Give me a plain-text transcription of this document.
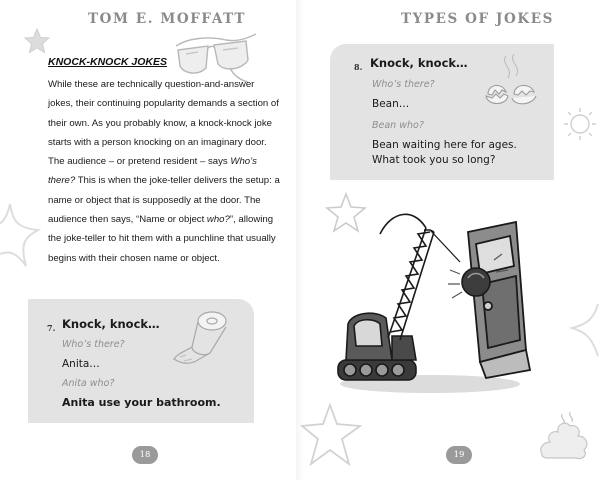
TOM E. MOFFATT
KNOCK-KNOCK JOKES
While these are technically question-and-answer jokes, their continuing popularity demands a section of their own. As you probably know, a knock-knock joke starts with a person knocking on an imaginary door. The audience – or pretend resident – says Who’s there? This is when the joke-teller delivers the setup: a name or object that is supposedly at the door. The audience then says, “Name or object who?”, allowing the joke-teller to hit them with a punchline that usually begins with their chosen name or object.
7. Knock, knock…
Who’s there?
Anita…
Anita who?
Anita use your bathroom.
18
TYPES OF JOKES
8. Knock, knock…
Who’s there?
Bean…
Bean who?
Bean waiting here for ages.
What took you so long?
19
